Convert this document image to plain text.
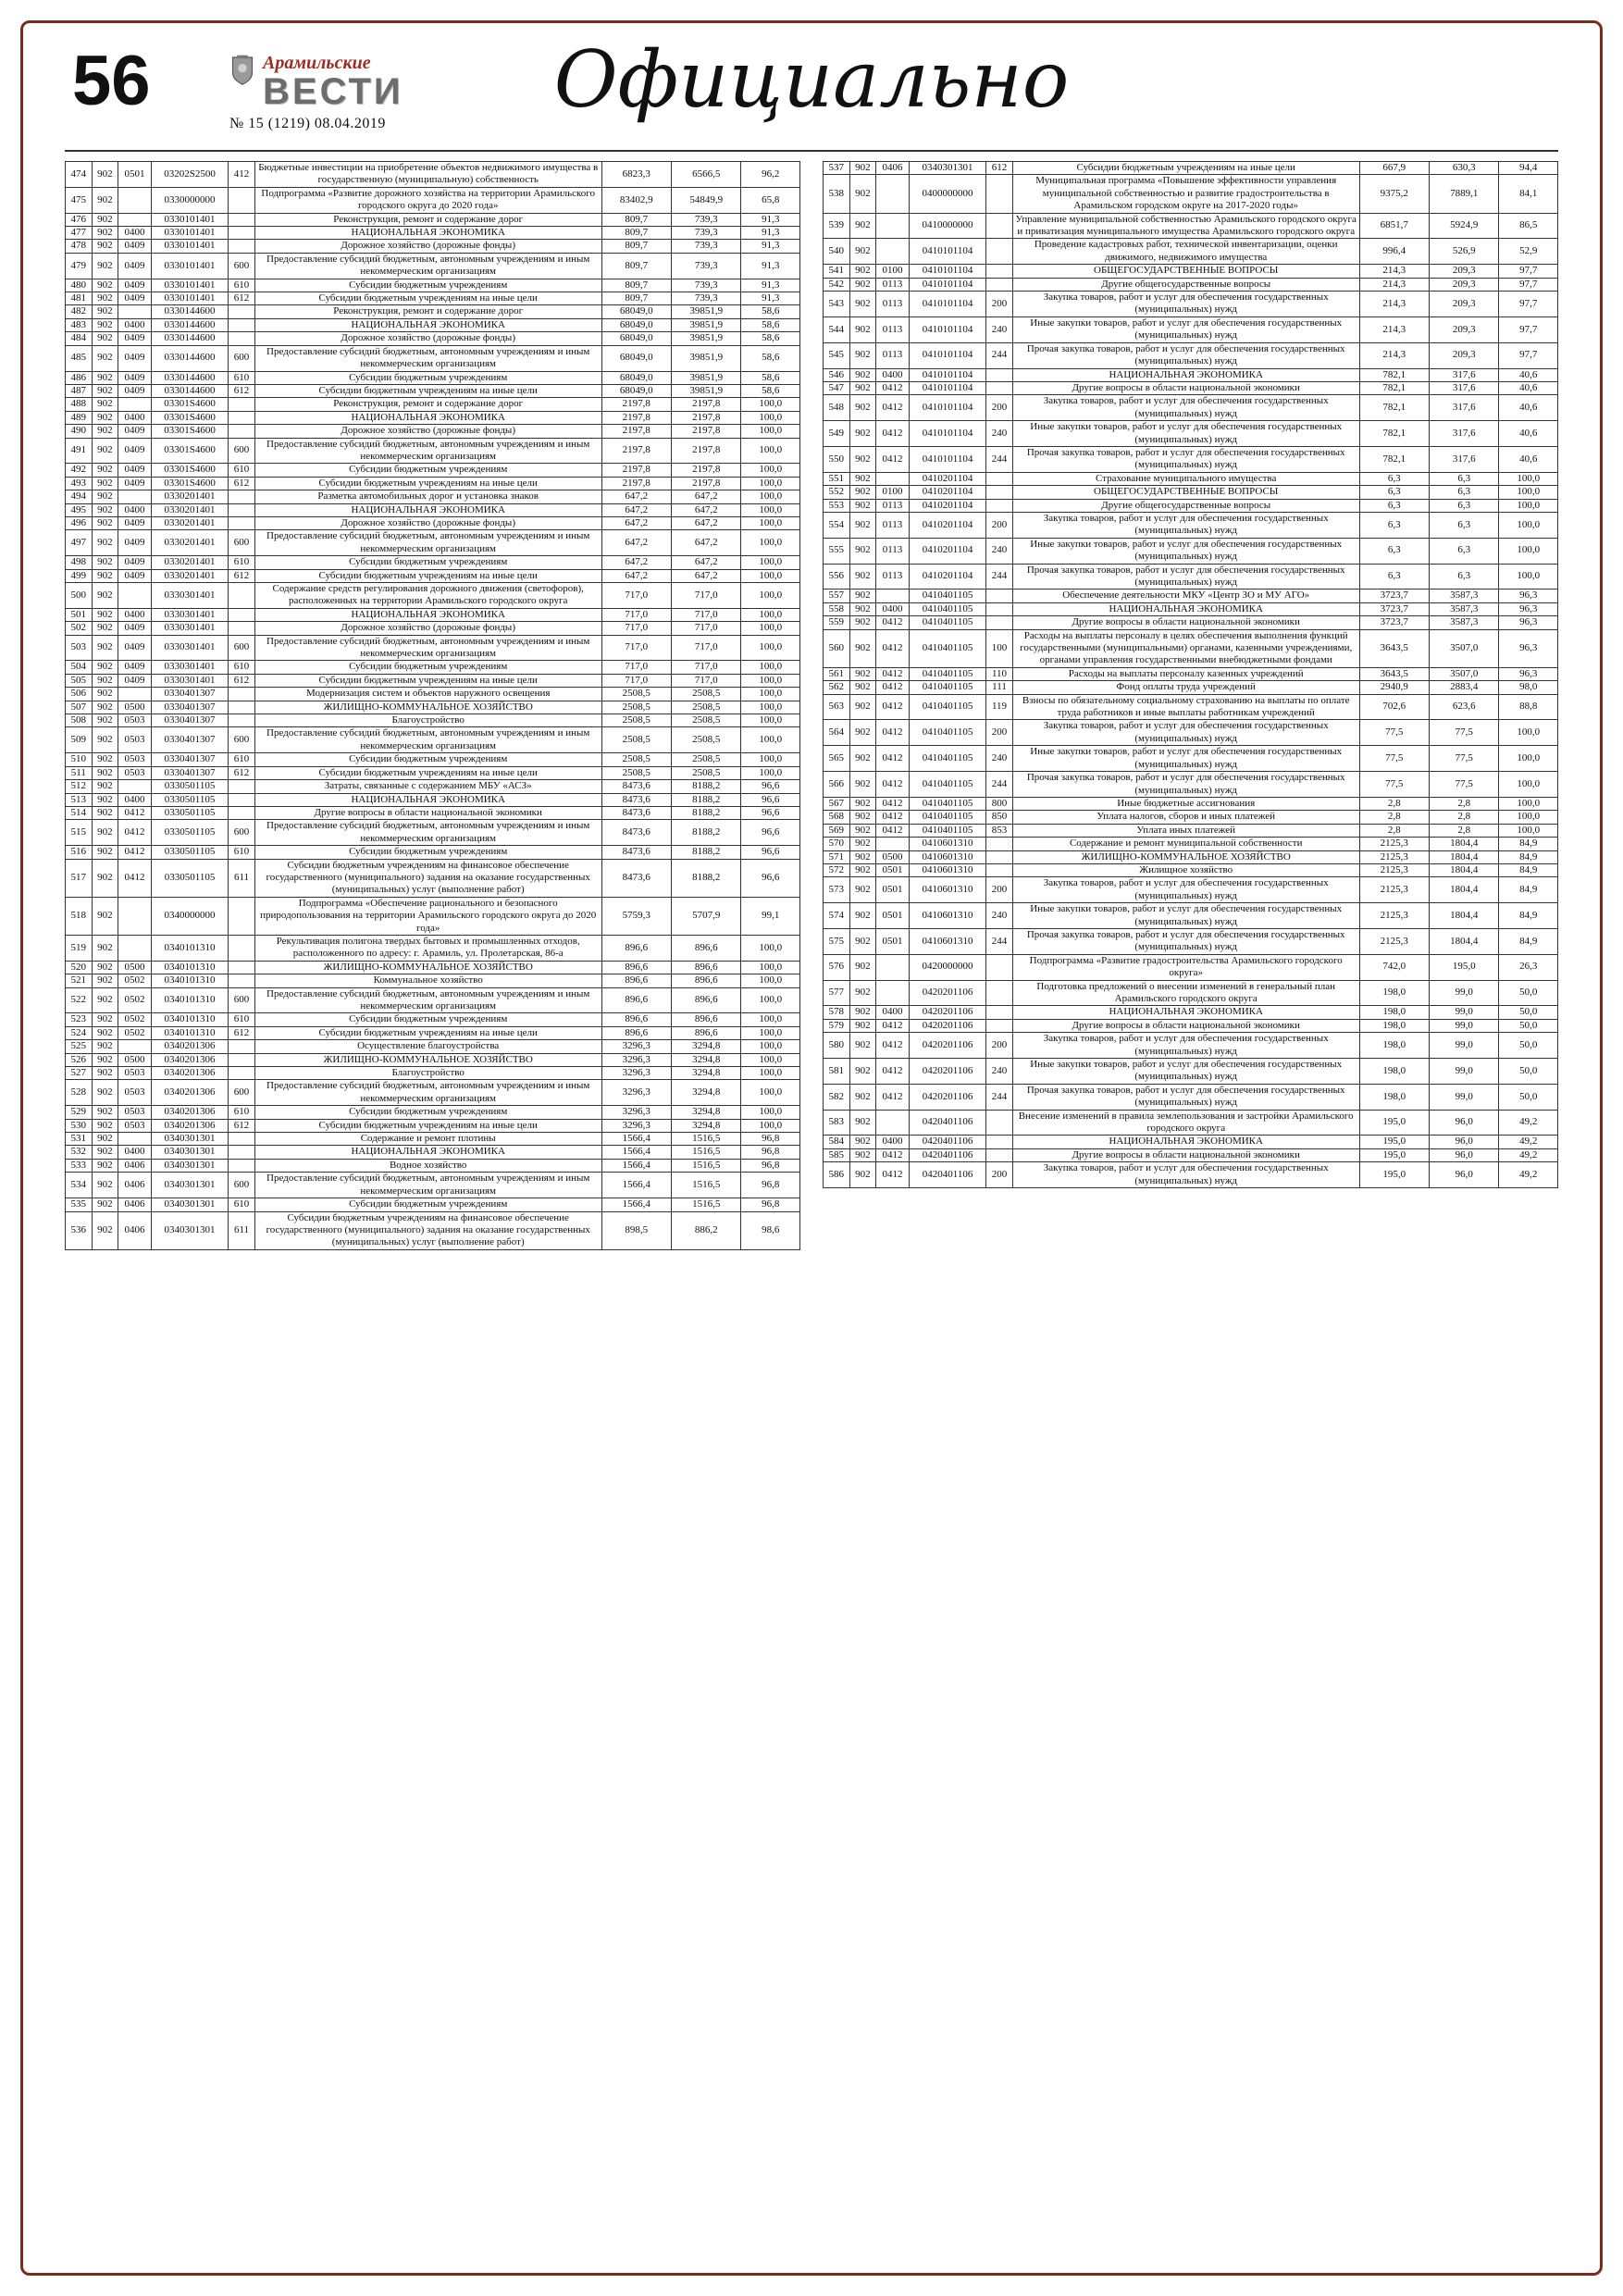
56	Арамильские
ВЕСТИ
№ 15 (1219) 08.04.2019	Официально
474	902	0501	03202S2500	412	Бюджетные инвестиции на приобретение объектов недвижимого имущества в государственную (муниципальную) собственность	6823,3	6566,5	96,2
475	902		0330000000		Подпрограмма «Развитие дорожного хозяйства на территории Арамильского городского округа до 2020 года»	83402,9	54849,9	65,8
476	902		0330101401		Реконструкция, ремонт и содержание дорог	809,7	739,3	91,3
477	902	0400	0330101401		НАЦИОНАЛЬНАЯ ЭКОНОМИКА	809,7	739,3	91,3
478	902	0409	0330101401		Дорожное хозяйство (дорожные фонды)	809,7	739,3	91,3
479	902	0409	0330101401	600	Предоставление субсидий бюджетным, автономным учреждениям и иным некоммерческим организациям	809,7	739,3	91,3
480	902	0409	0330101401	610	Субсидии бюджетным учреждениям	809,7	739,3	91,3
481	902	0409	0330101401	612	Субсидии бюджетным учреждениям на иные цели	809,7	739,3	91,3
482	902		0330144600		Реконструкция, ремонт и содержание дорог	68049,0	39851,9	58,6
483	902	0400	0330144600		НАЦИОНАЛЬНАЯ ЭКОНОМИКА	68049,0	39851,9	58,6
484	902	0409	0330144600		Дорожное хозяйство (дорожные фонды)	68049,0	39851,9	58,6
485	902	0409	0330144600	600	Предоставление субсидий бюджетным, автономным учреждениям и иным некоммерческим организациям	68049,0	39851,9	58,6
486	902	0409	0330144600	610	Субсидии бюджетным учреждениям	68049,0	39851,9	58,6
487	902	0409	0330144600	612	Субсидии бюджетным учреждениям на иные цели	68049,0	39851,9	58,6
488	902		03301S4600		Реконструкция, ремонт и содержание дорог	2197,8	2197,8	100,0
489	902	0400	03301S4600		НАЦИОНАЛЬНАЯ ЭКОНОМИКА	2197,8	2197,8	100,0
490	902	0409	03301S4600		Дорожное хозяйство (дорожные фонды)	2197,8	2197,8	100,0
491	902	0409	03301S4600	600	Предоставление субсидий бюджетным, автономным учреждениям и иным некоммерческим организациям	2197,8	2197,8	100,0
492	902	0409	03301S4600	610	Субсидии бюджетным учреждениям	2197,8	2197,8	100,0
493	902	0409	03301S4600	612	Субсидии бюджетным учреждениям на иные цели	2197,8	2197,8	100,0
494	902		0330201401		Разметка автомобильных дорог и установка знаков	647,2	647,2	100,0
495	902	0400	0330201401		НАЦИОНАЛЬНАЯ ЭКОНОМИКА	647,2	647,2	100,0
496	902	0409	0330201401		Дорожное хозяйство (дорожные фонды)	647,2	647,2	100,0
497	902	0409	0330201401	600	Предоставление субсидий бюджетным, автономным учреждениям и иным некоммерческим организациям	647,2	647,2	100,0
498	902	0409	0330201401	610	Субсидии бюджетным учреждениям	647,2	647,2	100,0
499	902	0409	0330201401	612	Субсидии бюджетным учреждениям на иные цели	647,2	647,2	100,0
500	902		0330301401		Содержание средств регулирования дорожного движения (светофоров), расположенных на территории Арамильского городского округа	717,0	717,0	100,0
501	902	0400	0330301401		НАЦИОНАЛЬНАЯ ЭКОНОМИКА	717,0	717,0	100,0
502	902	0409	0330301401		Дорожное хозяйство (дорожные фонды)	717,0	717,0	100,0
503	902	0409	0330301401	600	Предоставление субсидий бюджетным, автономным учреждениям и иным некоммерческим организациям	717,0	717,0	100,0
504	902	0409	0330301401	610	Субсидии бюджетным учреждениям	717,0	717,0	100,0
505	902	0409	0330301401	612	Субсидии бюджетным учреждениям на иные цели	717,0	717,0	100,0
506	902		0330401307		Модернизация систем и объектов наружного освещения	2508,5	2508,5	100,0
507	902	0500	0330401307		ЖИЛИЩНО-КОММУНАЛЬНОЕ ХОЗЯЙСТВО	2508,5	2508,5	100,0
508	902	0503	0330401307		Благоустройство	2508,5	2508,5	100,0
509	902	0503	0330401307	600	Предоставление субсидий бюджетным, автономным учреждениям и иным некоммерческим организациям	2508,5	2508,5	100,0
510	902	0503	0330401307	610	Субсидии бюджетным учреждениям	2508,5	2508,5	100,0
511	902	0503	0330401307	612	Субсидии бюджетным учреждениям на иные цели	2508,5	2508,5	100,0
512	902		0330501105		Затраты, связанные с содержанием МБУ «АСЗ»	8473,6	8188,2	96,6
513	902	0400	0330501105		НАЦИОНАЛЬНАЯ ЭКОНОМИКА	8473,6	8188,2	96,6
514	902	0412	0330501105		Другие вопросы в области национальной экономики	8473,6	8188,2	96,6
515	902	0412	0330501105	600	Предоставление субсидий бюджетным, автономным учреждениям и иным некоммерческим организациям	8473,6	8188,2	96,6
516	902	0412	0330501105	610	Субсидии бюджетным учреждениям	8473,6	8188,2	96,6
517	902	0412	0330501105	611	Субсидии бюджетным учреждениям на финансовое обеспечение государственного (муниципального) задания на оказание государственных (муниципальных) услуг (выполнение работ)	8473,6	8188,2	96,6
518	902		0340000000		Подпрограмма «Обеспечение рационального и безопасного природопользования на территории Арамильского городского округа до 2020 года»	5759,3	5707,9	99,1
519	902		0340101310		Рекультивация полигона твердых бытовых и промышленных отходов, расположенного по адресу: г. Арамиль, ул. Пролетарская, 86-а	896,6	896,6	100,0
520	902	0500	0340101310		ЖИЛИЩНО-КОММУНАЛЬНОЕ ХОЗЯЙСТВО	896,6	896,6	100,0
521	902	0502	0340101310		Коммунальное хозяйство	896,6	896,6	100,0
522	902	0502	0340101310	600	Предоставление субсидий бюджетным, автономным учреждениям и иным некоммерческим организациям	896,6	896,6	100,0
523	902	0502	0340101310	610	Субсидии бюджетным учреждениям	896,6	896,6	100,0
524	902	0502	0340101310	612	Субсидии бюджетным учреждениям на иные цели	896,6	896,6	100,0
525	902		0340201306		Осуществление благоустройства	3296,3	3294,8	100,0
526	902	0500	0340201306		ЖИЛИЩНО-КОММУНАЛЬНОЕ ХОЗЯЙСТВО	3296,3	3294,8	100,0
527	902	0503	0340201306		Благоустройство	3296,3	3294,8	100,0
528	902	0503	0340201306	600	Предоставление субсидий бюджетным, автономным учреждениям и иным некоммерческим организациям	3296,3	3294,8	100,0
529	902	0503	0340201306	610	Субсидии бюджетным учреждениям	3296,3	3294,8	100,0
530	902	0503	0340201306	612	Субсидии бюджетным учреждениям на иные цели	3296,3	3294,8	100,0
531	902		0340301301		Содержание и ремонт плотины	1566,4	1516,5	96,8
532	902	0400	0340301301		НАЦИОНАЛЬНАЯ ЭКОНОМИКА	1566,4	1516,5	96,8
533	902	0406	0340301301		Водное хозяйство	1566,4	1516,5	96,8
534	902	0406	0340301301	600	Предоставление субсидий бюджетным, автономным учреждениям и иным некоммерческим организациям	1566,4	1516,5	96,8
535	902	0406	0340301301	610	Субсидии бюджетным учреждениям	1566,4	1516,5	96,8
536	902	0406	0340301301	611	Субсидии бюджетным учреждениям на финансовое обеспечение государственного (муниципального) задания на оказание государственных (муниципальных) услуг (выполнение работ)	898,5	886,2	98,6
537	902	0406	0340301301	612	Субсидии бюджетным учреждениям на иные цели	667,9	630,3	94,4
538	902		0400000000		Муниципальная программа «Повышение эффективности управления муниципальной собственностью и развитие градостроительства в Арамильском городском округе на 2017-2020 годы»	9375,2	7889,1	84,1
539	902		0410000000		Управление муниципальной собственностью Арамильского городского округа и приватизация муниципального имущества Арамильского городского округа	6851,7	5924,9	86,5
540	902		0410101104		Проведение кадастровых работ, технической инвентаризации, оценки движимого, недвижимого имущества	996,4	526,9	52,9
541	902	0100	0410101104		ОБЩЕГОСУДАРСТВЕННЫЕ ВОПРОСЫ	214,3	209,3	97,7
542	902	0113	0410101104		Другие общегосударственные вопросы	214,3	209,3	97,7
543	902	0113	0410101104	200	Закупка товаров, работ и услуг для обеспечения государственных (муниципальных) нужд	214,3	209,3	97,7
544	902	0113	0410101104	240	Иные закупки товаров, работ и услуг для обеспечения государственных (муниципальных) нужд	214,3	209,3	97,7
545	902	0113	0410101104	244	Прочая закупка товаров, работ и услуг для обеспечения государственных (муниципальных) нужд	214,3	209,3	97,7
546	902	0400	0410101104		НАЦИОНАЛЬНАЯ ЭКОНОМИКА	782,1	317,6	40,6
547	902	0412	0410101104		Другие вопросы в области национальной экономики	782,1	317,6	40,6
548	902	0412	0410101104	200	Закупка товаров, работ и услуг для обеспечения государственных (муниципальных) нужд	782,1	317,6	40,6
549	902	0412	0410101104	240	Иные закупки товаров, работ и услуг для обеспечения государственных (муниципальных) нужд	782,1	317,6	40,6
550	902	0412	0410101104	244	Прочая закупка товаров, работ и услуг для обеспечения государственных (муниципальных) нужд	782,1	317,6	40,6
551	902		0410201104		Страхование муниципального имущества	6,3	6,3	100,0
552	902	0100	0410201104		ОБЩЕГОСУДАРСТВЕННЫЕ ВОПРОСЫ	6,3	6,3	100,0
553	902	0113	0410201104		Другие общегосударственные вопросы	6,3	6,3	100,0
554	902	0113	0410201104	200	Закупка товаров, работ и услуг для обеспечения государственных (муниципальных) нужд	6,3	6,3	100,0
555	902	0113	0410201104	240	Иные закупки товаров, работ и услуг для обеспечения государственных (муниципальных) нужд	6,3	6,3	100,0
556	902	0113	0410201104	244	Прочая закупка товаров, работ и услуг для обеспечения государственных (муниципальных) нужд	6,3	6,3	100,0
557	902		0410401105		Обеспечение деятельности МКУ «Центр ЗО и МУ АГО»	3723,7	3587,3	96,3
558	902	0400	0410401105		НАЦИОНАЛЬНАЯ ЭКОНОМИКА	3723,7	3587,3	96,3
559	902	0412	0410401105		Другие вопросы в области национальной экономики	3723,7	3587,3	96,3
560	902	0412	0410401105	100	Расходы на выплаты персоналу в целях обеспечения выполнения функций государственными (муниципальными) органами, казенными учреждениями, органами управления государственными внебюджетными фондами	3643,5	3507,0	96,3
561	902	0412	0410401105	110	Расходы на выплаты персоналу казенных учреждений	3643,5	3507,0	96,3
562	902	0412	0410401105	111	Фонд оплаты труда учреждений	2940,9	2883,4	98,0
563	902	0412	0410401105	119	Взносы по обязательному социальному страхованию на выплаты по оплате труда работников и иные выплаты работникам учреждений	702,6	623,6	88,8
564	902	0412	0410401105	200	Закупка товаров, работ и услуг для обеспечения государственных (муниципальных) нужд	77,5	77,5	100,0
565	902	0412	0410401105	240	Иные закупки товаров, работ и услуг для обеспечения государственных (муниципальных) нужд	77,5	77,5	100,0
566	902	0412	0410401105	244	Прочая закупка товаров, работ и услуг для обеспечения государственных (муниципальных) нужд	77,5	77,5	100,0
567	902	0412	0410401105	800	Иные бюджетные ассигнования	2,8	2,8	100,0
568	902	0412	0410401105	850	Уплата налогов, сборов и иных платежей	2,8	2,8	100,0
569	902	0412	0410401105	853	Уплата иных платежей	2,8	2,8	100,0
570	902		0410601310		Содержание и ремонт муниципальной собственности	2125,3	1804,4	84,9
571	902	0500	0410601310		ЖИЛИЩНО-КОММУНАЛЬНОЕ ХОЗЯЙСТВО	2125,3	1804,4	84,9
572	902	0501	0410601310		Жилищное хозяйство	2125,3	1804,4	84,9
573	902	0501	0410601310	200	Закупка товаров, работ и услуг для обеспечения государственных (муниципальных) нужд	2125,3	1804,4	84,9
574	902	0501	0410601310	240	Иные закупки товаров, работ и услуг для обеспечения государственных (муниципальных) нужд	2125,3	1804,4	84,9
575	902	0501	0410601310	244	Прочая закупка товаров, работ и услуг для обеспечения государственных (муниципальных) нужд	2125,3	1804,4	84,9
576	902		0420000000		Подпрограмма «Развитие градостроительства Арамильского городского округа»	742,0	195,0	26,3
577	902		0420201106		Подготовка предложений о внесении изменений в генеральный план Арамильского городского округа	198,0	99,0	50,0
578	902	0400	0420201106		НАЦИОНАЛЬНАЯ ЭКОНОМИКА	198,0	99,0	50,0
579	902	0412	0420201106		Другие вопросы в области национальной экономики	198,0	99,0	50,0
580	902	0412	0420201106	200	Закупка товаров, работ и услуг для обеспечения государственных (муниципальных) нужд	198,0	99,0	50,0
581	902	0412	0420201106	240	Иные закупки товаров, работ и услуг для обеспечения государственных (муниципальных) нужд	198,0	99,0	50,0
582	902	0412	0420201106	244	Прочая закупка товаров, работ и услуг для обеспечения государственных (муниципальных) нужд	198,0	99,0	50,0
583	902		0420401106		Внесение изменений в правила землепользования и застройки Арамильского городского округа	195,0	96,0	49,2
584	902	0400	0420401106		НАЦИОНАЛЬНАЯ ЭКОНОМИКА	195,0	96,0	49,2
585	902	0412	0420401106		Другие вопросы в области национальной экономики	195,0	96,0	49,2
586	902	0412	0420401106	200	Закупка товаров, работ и услуг для обеспечения государственных (муниципальных) нужд	195,0	96,0	49,2
